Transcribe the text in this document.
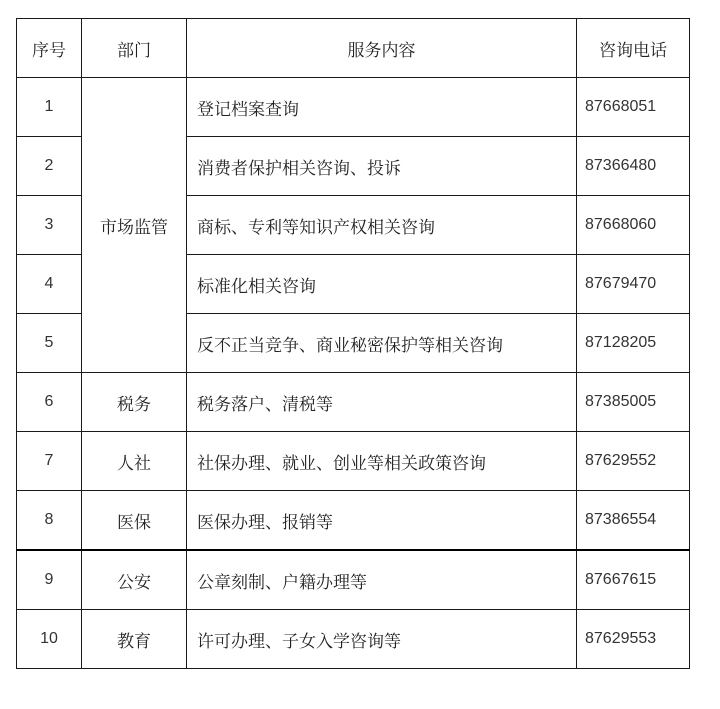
序号	部门	服务内容	咨询电话
1	市场监管	登记档案查询	87668051
2		消费者保护相关咨询、投诉	87366480
3		商标、专利等知识产权相关咨询	87668060
4		标准化相关咨询	87679470
5		反不正当竞争、商业秘密保护等相关咨询	87128205
6	税务	税务落户、清税等	87385005
7	人社	社保办理、就业、创业等相关政策咨询	87629552
8	医保	医保办理、报销等	87386554
9	公安	公章刻制、户籍办理等	87667615
10	教育	许可办理、子女入学咨询等	87629553
